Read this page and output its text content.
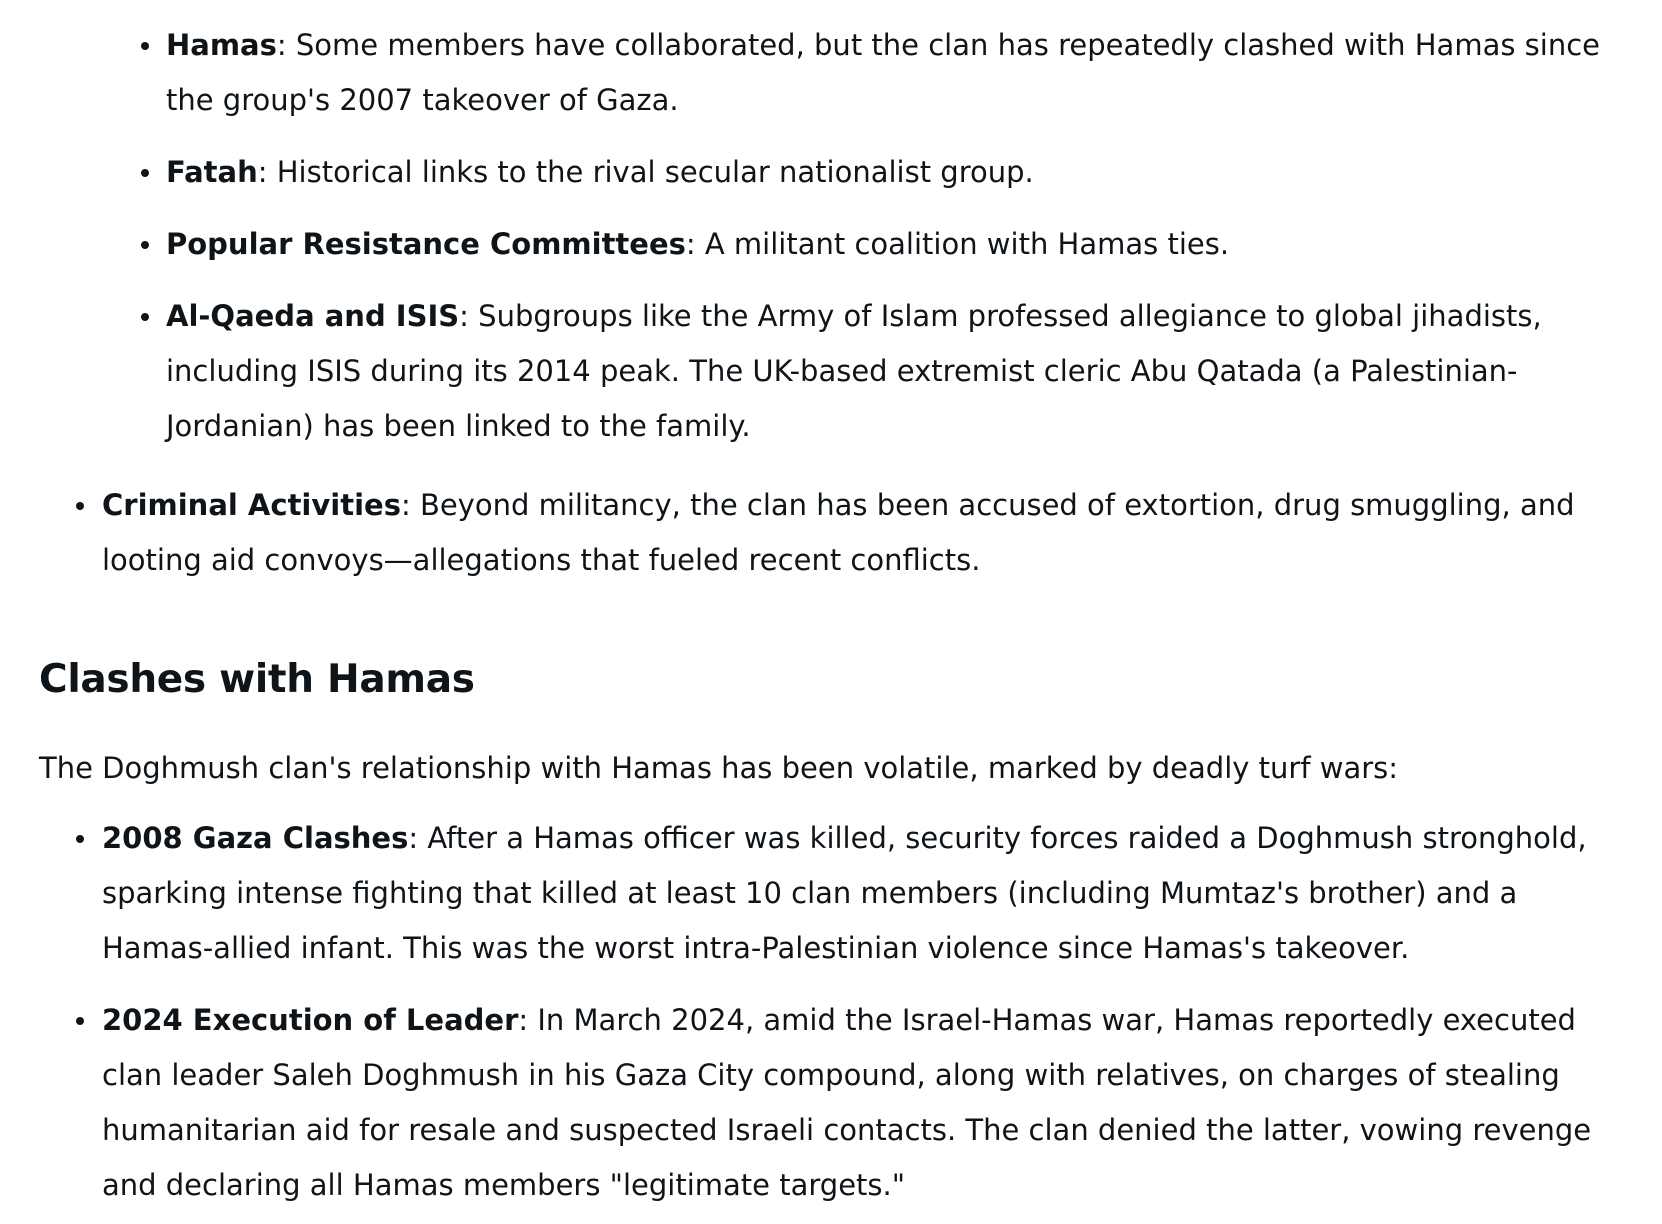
Hamas: Some members have collaborated, but the clan has repeatedly clashed with Hamas since the group's 2007 takeover of Gaza.
Fatah: Historical links to the rival secular nationalist group.
Popular Resistance Committees: A militant coalition with Hamas ties.
Al-Qaeda and ISIS: Subgroups like the Army of Islam professed allegiance to global jihadists, including ISIS during its 2014 peak. The UK-based extremist cleric Abu Qatada (a Palestinian-Jordanian) has been linked to the family.
Criminal Activities: Beyond militancy, the clan has been accused of extortion, drug smuggling, and looting aid convoys—allegations that fueled recent conflicts.
Clashes with Hamas

The Doghmush clan's relationship with Hamas has been volatile, marked by deadly turf wars:

2008 Gaza Clashes: After a Hamas officer was killed, security forces raided a Doghmush stronghold, sparking intense fighting that killed at least 10 clan members (including Mumtaz's brother) and a Hamas-allied infant. This was the worst intra-Palestinian violence since Hamas's takeover.
2024 Execution of Leader: In March 2024, amid the Israel-Hamas war, Hamas reportedly executed clan leader Saleh Doghmush in his Gaza City compound, along with relatives, on charges of stealing humanitarian aid for resale and suspected Israeli contacts. The clan denied the latter, vowing revenge and declaring all Hamas members "legitimate targets."
